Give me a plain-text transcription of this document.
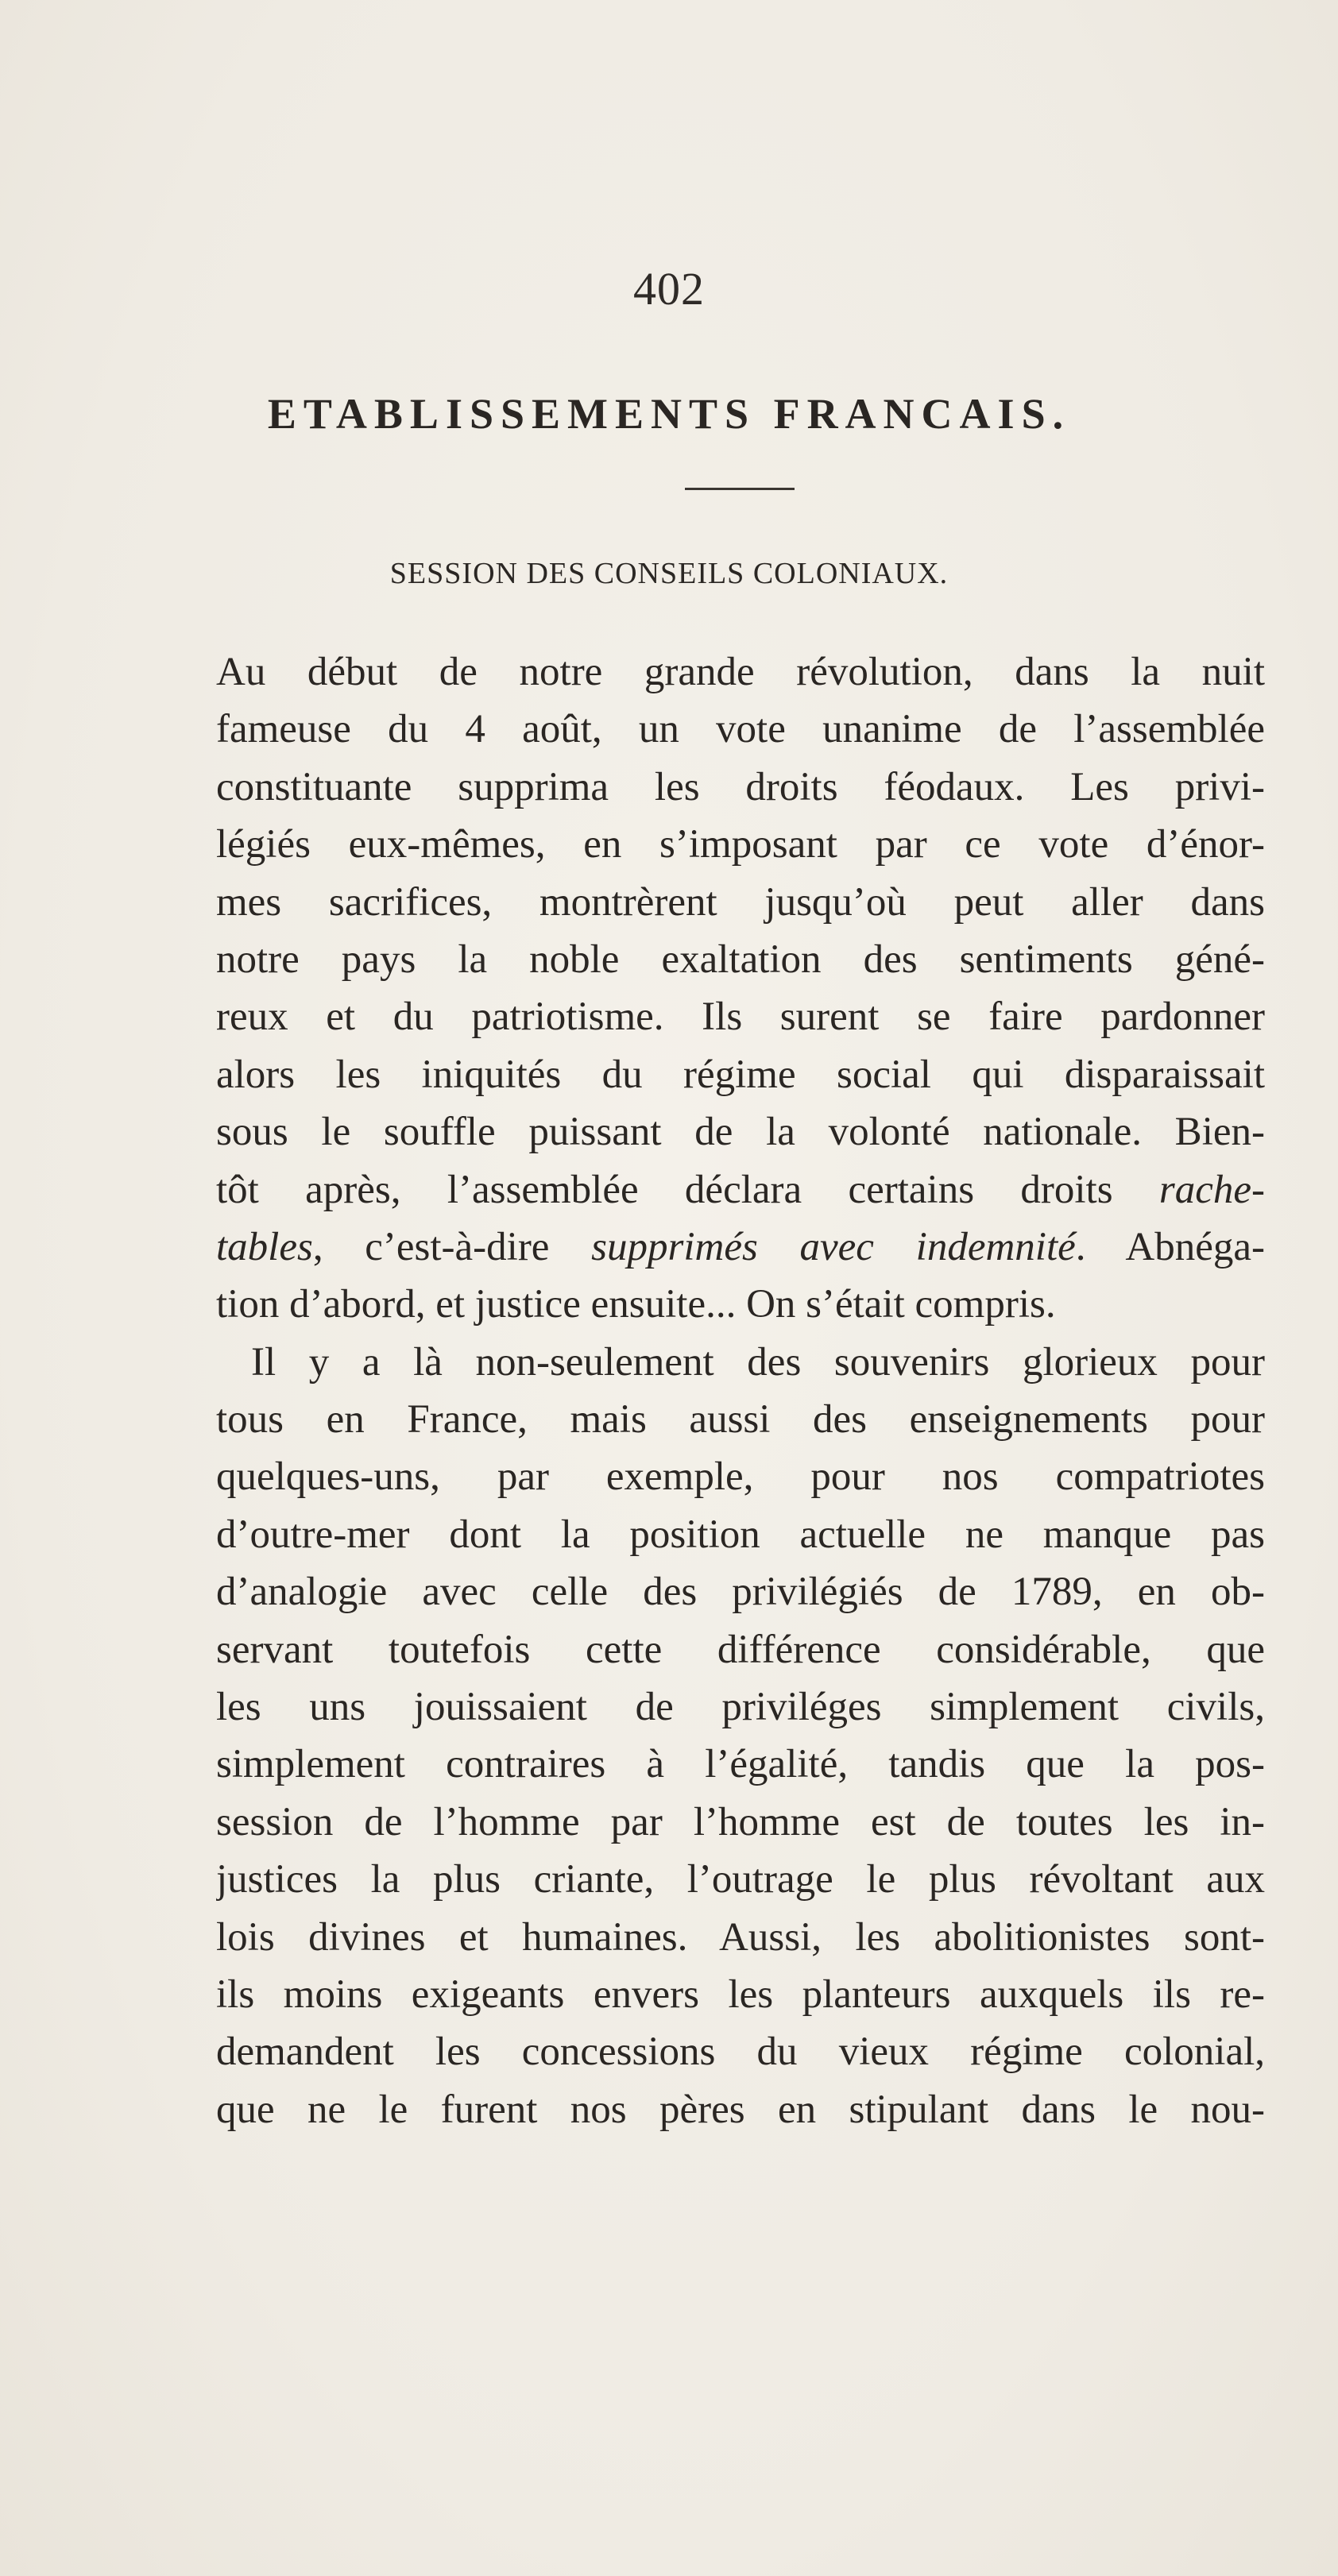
402
ETABLISSEMENTS FRANCAIS.
SESSION DES CONSEILS COLONIAUX.
Au début de notre grande révolution, dans la nuit
fameuse du 4 août, un vote unanime de l’assemblée
constituante supprima les droits féodaux. Les privi-
légiés eux-mêmes, en s’imposant par ce vote d’énor-
mes sacrifices, montrèrent jusqu’où peut aller dans
notre pays la noble exaltation des sentiments géné-
reux et du patriotisme. Ils surent se faire pardonner
alors les iniquités du régime social qui disparaissait
sous le souffle puissant de la volonté nationale. Bien-
tôt après, l’assemblée déclara certains droits rache-
tables, c’est-à-dire supprimés avec indemnité. Abnéga-
tion d’abord, et justice ensuite... On s’était compris.
Il y a là non-seulement des souvenirs glorieux pour
tous en France, mais aussi des enseignements pour
quelques-uns, par exemple, pour nos compatriotes
d’outre-mer dont la position actuelle ne manque pas
d’analogie avec celle des privilégiés de 1789, en ob-
servant toutefois cette différence considérable, que
les uns jouissaient de priviléges simplement civils,
simplement contraires à l’égalité, tandis que la pos-
session de l’homme par l’homme est de toutes les in-
justices la plus criante, l’outrage le plus révoltant aux
lois divines et humaines. Aussi, les abolitionistes sont-
ils moins exigeants envers les planteurs auxquels ils re-
demandent les concessions du vieux régime colonial,
que ne le furent nos pères en stipulant dans le nou-
